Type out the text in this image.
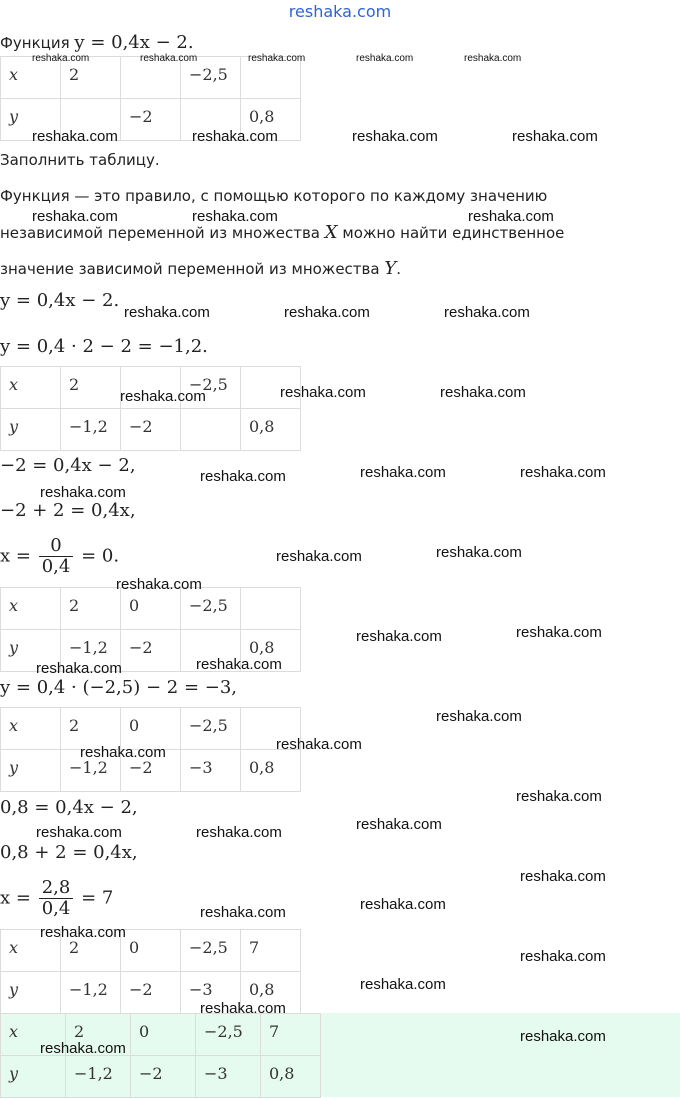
reshaka.com
Функция y = 0,4x − 2.
x	2		−2,5	
y		−2		0,8
Заполнить таблицу.
Функция — это правило, с помощью которого по каждому значению
независимой переменной из множества X можно найти единственное
значение зависимой переменной из множества Y.
y = 0,4x − 2.
y = 0,4 · 2 − 2 = −1,2.
x	2		−2,5	
y	−1,2	−2		0,8
−2 = 0,4x − 2,
−2 + 2 = 0,4x,
$x = \frac{0}{0,4} = 0$.
x	2	0	−2,5	
y	−1,2	−2		0,8
y = 0,4 · (−2,5) − 2 = −3,
x	2	0	−2,5	
y	−1,2	−2	−3	0,8
0,8 = 0,4x − 2,
0,8 + 2 = 0,4x,
$x = \frac{2,8}{0,4} = 7$
x	2	0	−2,5	7
y	−1,2	−2	−3	0,8
x	2	0	−2,5	7
y	−1,2	−2	−3	0,8
reshaka.com	reshaka.com	reshaka.com	reshaka.com	reshaka.com
reshaka.com	reshaka.com	reshaka.com	reshaka.com
reshaka.com	reshaka.com	reshaka.com
reshaka.com	reshaka.com	reshaka.com
reshaka.com	reshaka.com	reshaka.com
reshaka.com	reshaka.com	reshaka.com
reshaka.com
reshaka.com	reshaka.com
reshaka.com
reshaka.com	reshaka.com
reshaka.com	reshaka.com
reshaka.com
reshaka.com
reshaka.com
reshaka.com
reshaka.com
reshaka.com	reshaka.com
reshaka.com
reshaka.com
reshaka.com
reshaka.com
reshaka.com
reshaka.com
reshaka.com
reshaka.com
reshaka.com
